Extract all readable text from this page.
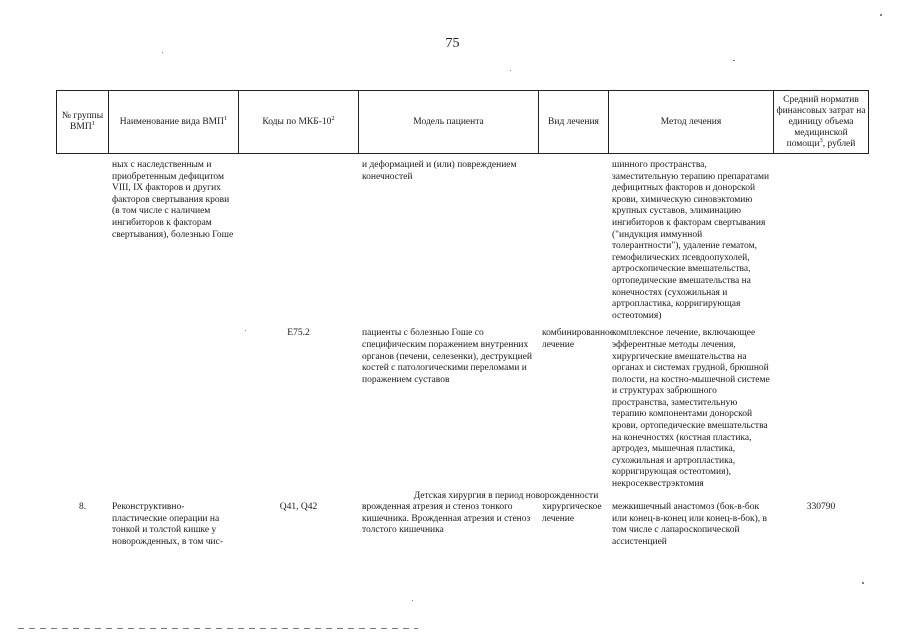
75
№ группы ВМП$^1$	Наименование вида ВМП$^1$	Коды по МКБ-$10^2$	Модель пациента	Вид лечения	Метод лечения	Средний норматив финансовых затрат на единицу объема медицинской помощи$^3$, рублей
	ных с наследственным и приобретенным дефицитом VIII, IX факторов и других факторов свертывания крови (в том числе с наличием ингибиторов к факторам свертывания), болезнью Гоше		и деформацией и (или) повреждением конечностей		шинного пространства, заместительную терапию препаратами дефицитных факторов и донорской крови, химическую синовэктомию крупных суставов, элиминацию ингибиторов к факторам свертывания ("индукция иммунной толерантности"), удаление гематом, гемофилических псевдоопухолей, артроскопические вмешательства, ортопедические вмешательства на конечностях (сухожильная и артропластика, корригирующая остеотомия)	

		E75.2	пациенты с болезнью Гоше со специфическим поражением внутренних органов (печени, селезенки), деструкцией костей с патологическими переломами и поражением суставов	комбинированное лечение	комплексное лечение, включающее эфферентные методы лечения, хирургические вмешательства на органах и системах грудной, брюшной полости, на костно-мышечной системе и структурах забрюшного пространства, заместительную терапию компонентами донорской крови, ортопедические вмешательства на конечностях (костная пластика, артродез, мышечная пластика, сухожильная и артропластика, корригирующая остеотомия), некросеквестрэктомия	
		Детская хирургия в период новорожденности				
8.	Реконструктивно-пластические операции на тонкой и толстой кишке у новорожденных, в том чис-	Q41, Q42	врожденная атрезия и стеноз тонкого кишечника. Врожденная атрезия и стеноз толстого кишечника	хирургическое лечение	межкишечный анастомоз (бок-в-бок или конец-в-конец или конец-в-бок), в том числе с лапароскопической ассистенцией	330790
